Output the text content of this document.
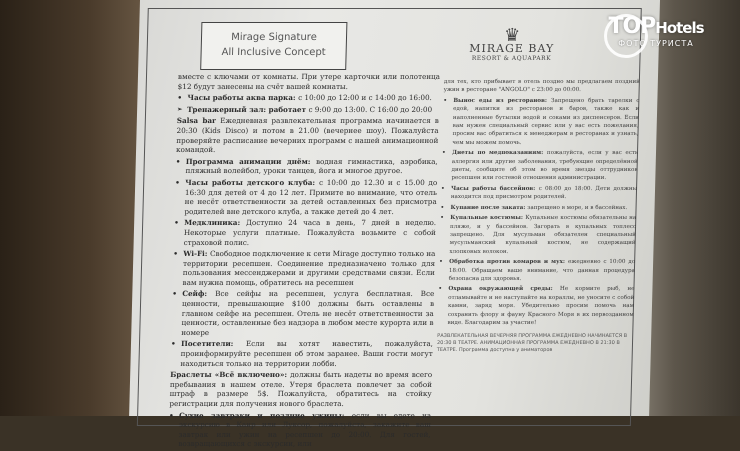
Mirage Signature
All Inclusive Concept
♛
MIRAGE BAY
RESORT & AQUAPARK

вместе с ключами от комнаты. При утере карточки или полотенца $12 будут занесены на счёт вашей комнаты.

• Часы работы аква парка: с 10:00 до 12:00 и с 14:00 до 16:00.
➢ Тренажерный зал: работает с 9:00 до 13:00. С 16:00 до 20:00
Salsa bar Ежедневная развлекательная программа начинается в 20:30 (Kids Disco) и потом в 21.00 (вечернее шоу). Пожалуйста проверяйте расписание вечерних программ с нашей анимационной командой.
• Программа анимации днём: водная гимнастика, аэробика, пляжный волейбол, уроки танцев, йога и многое другое.
• Часы работы детского клуба: с 10:00 до 12.30 и с 15.00 до 16:30 для детей от 4 до 12 лет. Примите во внимание, что отель не несёт ответственности за детей оставленных без присмотра родителей вне детского клуба, а также детей до 4 лет.
• Медклиника: Доступно 24 часа в день, 7 дней в неделю. Некоторые услуги платные. Пожалуйста возьмите с собой страховой полис.
• Wi-Fi: Свободное подключение к сети Mirage доступно только на территории ресепшен. Соединение предназначено только для пользования мессенджерами и другими средствами связи. Если вам нужна помощь, обратитесь на ресепшен
• Сейф: Все сейфы на ресепшен, услуга бесплатная. Все ценности, превышающие $100 должны быть оставлены в главном сейфе на ресепшен. Отель не несёт ответственности за ценности, оставленные без надзора в любом месте курорта или в номере
• Посетители: Если вы хотят навестить, пожалуйста, проинформируйте ресепшен об этом заранее. Ваши гости могут находиться только на территории лобби.
Браслеты «Всё включено»: должны быть надеты во время всего пребывания в нашем отеле. Утеря браслета повлечет за собой штраф в размере 5$. Пожалуйста, обратитесь на стойку регистрации для получения нового браслета.
• Сухие завтраки и поздние ужины: если вы едете на экскурсию в Каир или Луксор, пожалуйста, закажите ваш завтрак или ужин на ресепшен до 20:00. Для гостей, возвращающихся с экскурсии, или

для тех, кто прибывает в отель поздно мы предлагаем поздний ужин в ресторане "ANGOLO" с 23:00 до 00:00.

• Вынос еды из ресторанов: Запрещено брать тарелки с едой, напитки из ресторанов и баров, также как и наполненные бутылки водой и соками из диспенсеров. Если вам нужен специальный сервис или у вас есть пожелания, просим вас обратиться к менеджерам в ресторанах и узнать, чем мы можем помочь.
• Диеты по медпоказаниям: пожалуйста, если у вас есть аллергия или другие заболевания, требующие определённой диеты, сообщите об этом во время звезды оттрудников ресепшен или гостевой отношения администрации.
• Часы работы бассейнов: с 08:00 до 18:00. Дети должны находится под присмотром родителей.
• Купание после заката: запрещено в море, и в бассейнах.
• Купальные костюмы: Купальные костюмы обязательны на пляже, и у бассейнов. Загорать в купальных топлесс запрещено. Для мусульман обязателен специальный мусульманский купальный костюм, не содержащий хлопковых волокон.
• Обработка против комаров и мух: ежедневно с 10:00 до 18:00. Обращаем ваше внимание, что данная процедура безопасна для здоровья.
• Охрана окружающей среды: Не кормите рыб, не отламывайте и не наступайте на кораллы, не уносите с собой камни, заряд моря. Убедительно просим помочь нам сохранить флору и фауну Красного Моря в их первозданном виде. Благодарим за участие!
РАЗВЛЕКАТЕЛЬНАЯ ВЕЧЕРНЯЯ ПРОГРАММА ЕЖЕДНЕВНО НАЧИНАЕТСЯ В 20:30 В ТЕАТРЕ. АНИМАЦИОННАЯ ПРОГРАММА ЕЖЕДНЕВНО В 21:30 В ТЕАТРЕ. Программа доступна у аниматоров
TOPHotels
ФОТО ТУРИСТА
